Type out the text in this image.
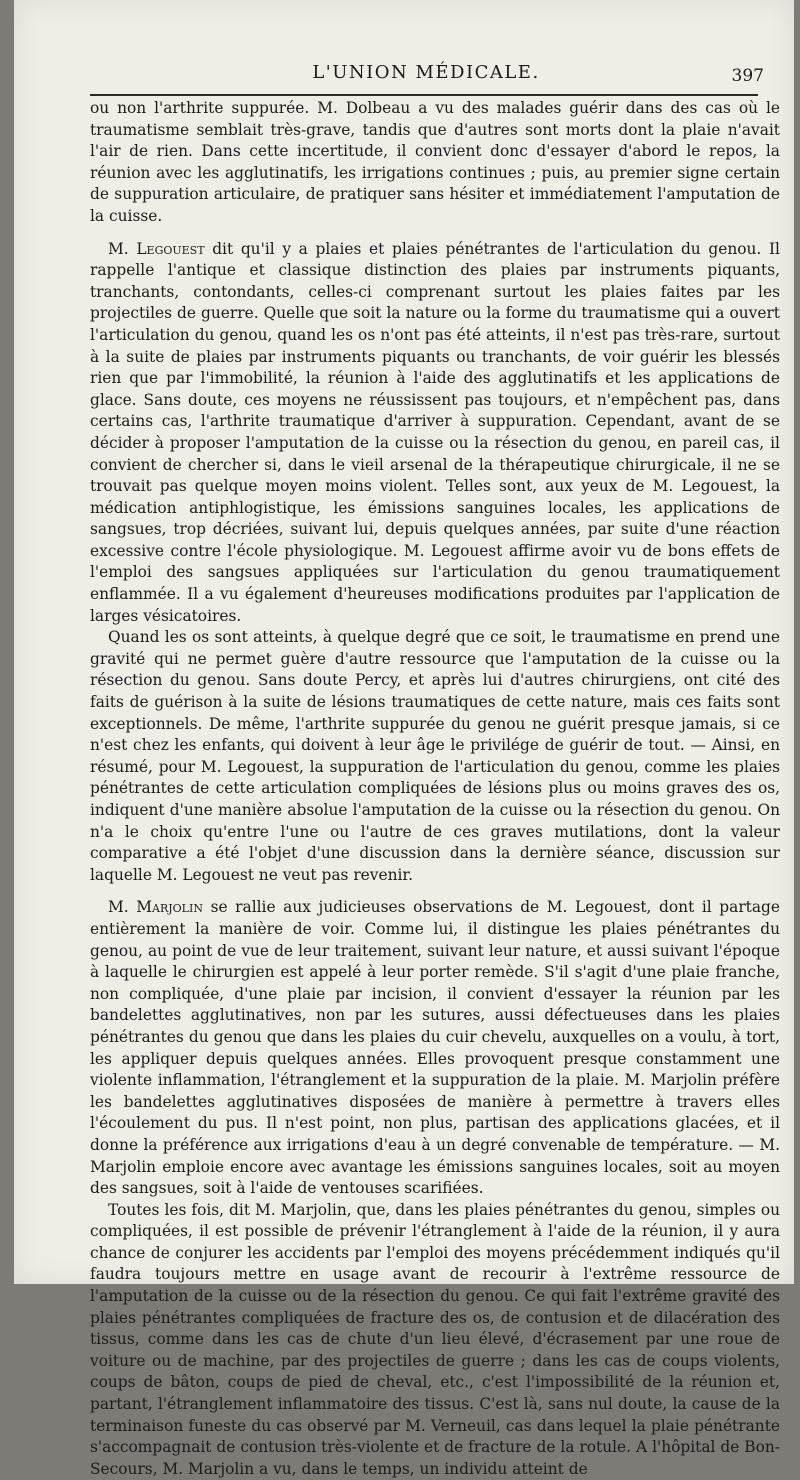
L'UNION MÉDICALE.	397

ou non l'arthrite suppurée. M. Dolbeau a vu des malades guérir dans des cas où le traumatisme semblait très-grave, tandis que d'autres sont morts dont la plaie n'avait l'air de rien. Dans cette incertitude, il convient donc d'essayer d'abord le repos, la réunion avec les agglutinatifs, les irrigations continues ; puis, au premier signe certain de suppuration articulaire, de pratiquer sans hésiter et immédiatement l'amputation de la cuisse.

M. Legouest dit qu'il y a plaies et plaies pénétrantes de l'articulation du genou. Il rappelle l'antique et classique distinction des plaies par instruments piquants, tranchants, contondants, celles-ci comprenant surtout les plaies faites par les projectiles de guerre. Quelle que soit la nature ou la forme du traumatisme qui a ouvert l'articulation du genou, quand les os n'ont pas été atteints, il n'est pas très-rare, surtout à la suite de plaies par instruments piquants ou tranchants, de voir guérir les blessés rien que par l'immobilité, la réunion à l'aide des agglutinatifs et les applications de glace. Sans doute, ces moyens ne réussissent pas toujours, et n'empêchent pas, dans certains cas, l'arthrite traumatique d'arriver à suppuration. Cependant, avant de se décider à proposer l'amputation de la cuisse ou la résection du genou, en pareil cas, il convient de chercher si, dans le vieil arsenal de la thérapeutique chirurgicale, il ne se trouvait pas quelque moyen moins violent. Telles sont, aux yeux de M. Legouest, la médication antiphlogistique, les émissions sanguines locales, les applications de sangsues, trop décriées, suivant lui, depuis quelques années, par suite d'une réaction excessive contre l'école physiologique. M. Legouest affirme avoir vu de bons effets de l'emploi des sangsues appliquées sur l'articulation du genou traumatiquement enflammée. Il a vu également d'heureuses modifications produites par l'application de larges vésicatoires.

Quand les os sont atteints, à quelque degré que ce soit, le traumatisme en prend une gravité qui ne permet guère d'autre ressource que l'amputation de la cuisse ou la résection du genou. Sans doute Percy, et après lui d'autres chirurgiens, ont cité des faits de guérison à la suite de lésions traumatiques de cette nature, mais ces faits sont exceptionnels. De même, l'arthrite suppurée du genou ne guérit presque jamais, si ce n'est chez les enfants, qui doivent à leur âge le privilége de guérir de tout. — Ainsi, en résumé, pour M. Legouest, la suppuration de l'articulation du genou, comme les plaies pénétrantes de cette articulation compliquées de lésions plus ou moins graves des os, indiquent d'une manière absolue l'amputation de la cuisse ou la résection du genou. On n'a le choix qu'entre l'une ou l'autre de ces graves mutilations, dont la valeur comparative a été l'objet d'une discussion dans la dernière séance, discussion sur laquelle M. Legouest ne veut pas revenir.

M. Marjolin se rallie aux judicieuses observations de M. Legouest, dont il partage entièrement la manière de voir. Comme lui, il distingue les plaies pénétrantes du genou, au point de vue de leur traitement, suivant leur nature, et aussi suivant l'époque à laquelle le chirurgien est appelé à leur porter remède. S'il s'agit d'une plaie franche, non compliquée, d'une plaie par incision, il convient d'essayer la réunion par les bandelettes agglutinatives, non par les sutures, aussi défectueuses dans les plaies pénétrantes du genou que dans les plaies du cuir chevelu, auxquelles on a voulu, à tort, les appliquer depuis quelques années. Elles provoquent presque constamment une violente inflammation, l'étranglement et la suppuration de la plaie. M. Marjolin préfère les bandelettes agglutinatives disposées de manière à permettre à travers elles l'écoulement du pus. Il n'est point, non plus, partisan des applications glacées, et il donne la préférence aux irrigations d'eau à un degré convenable de température. — M. Marjolin emploie encore avec avantage les émissions sanguines locales, soit au moyen des sangsues, soit à l'aide de ventouses scarifiées.

Toutes les fois, dit M. Marjolin, que, dans les plaies pénétrantes du genou, simples ou compliquées, il est possible de prévenir l'étranglement à l'aide de la réunion, il y aura chance de conjurer les accidents par l'emploi des moyens précédemment indiqués qu'il faudra toujours mettre en usage avant de recourir à l'extrême ressource de l'amputation de la cuisse ou de la résection du genou. Ce qui fait l'extrême gravité des plaies pénétrantes compliquées de fracture des os, de contusion et de dilacération des tissus, comme dans les cas de chute d'un lieu élevé, d'écrasement par une roue de voiture ou de machine, par des projectiles de guerre ; dans les cas de coups violents, coups de bâton, coups de pied de cheval, etc., c'est l'impossibilité de la réunion et, partant, l'étranglement inflammatoire des tissus. C'est là, sans nul doute, la cause de la terminaison funeste du cas observé par M. Verneuil, cas dans lequel la plaie pénétrante s'accompagnait de contusion très-violente et de fracture de la rotule. A l'hôpital de Bon-Secours, M. Marjolin a vu, dans le temps, un individu atteint de
